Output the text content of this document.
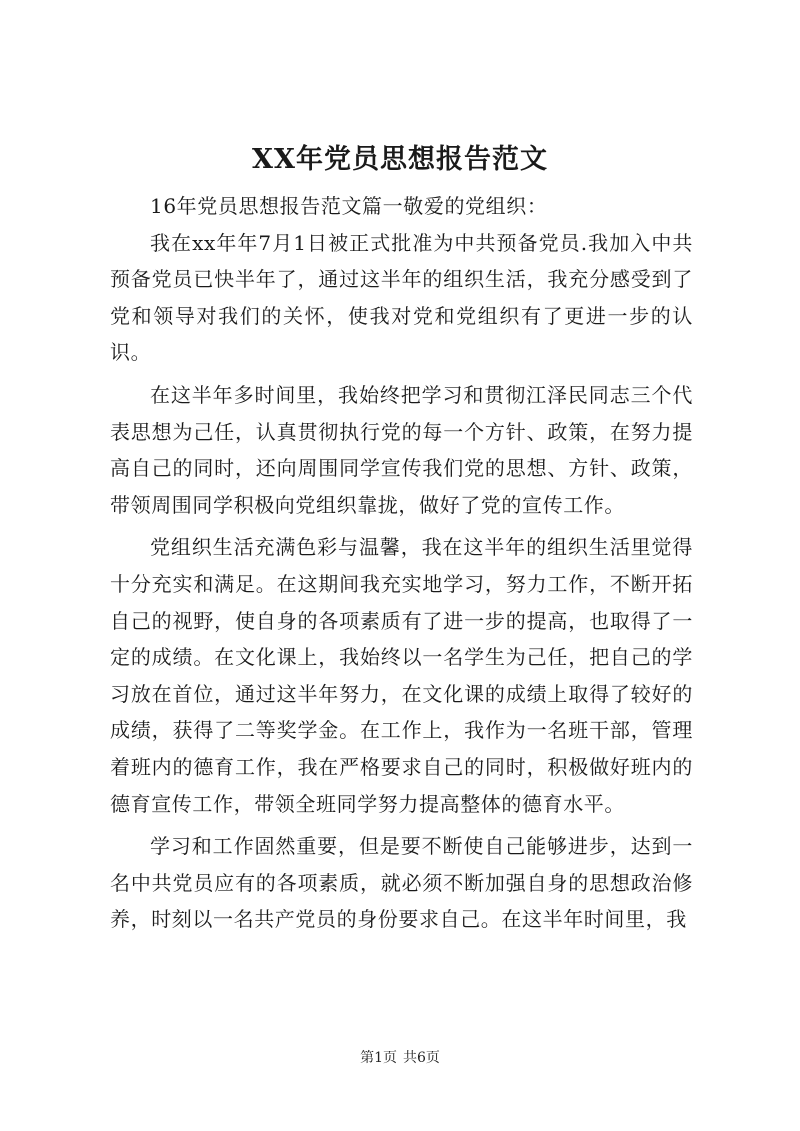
XX年党员思想报告范文

16年党员思想报告范文篇一敬爱的党组织：

我在xx年年7月1日被正式批准为中共预备党员.我加入中共预备党员已快半年了，通过这半年的组织生活，我充分感受到了党和领导对我们的关怀，使我对党和党组织有了更进一步的认识。

在这半年多时间里，我始终把学习和贯彻江泽民同志三个代表思想为己任，认真贯彻执行党的每一个方针、政策，在努力提高自己的同时，还向周围同学宣传我们党的思想、方针、政策，带领周围同学积极向党组织靠拢，做好了党的宣传工作。

党组织生活充满色彩与温馨，我在这半年的组织生活里觉得十分充实和满足。在这期间我充实地学习，努力工作，不断开拓自己的视野，使自身的各项素质有了进一步的提高，也取得了一定的成绩。在文化课上，我始终以一名学生为己任，把自己的学习放在首位，通过这半年努力，在文化课的成绩上取得了较好的成绩，获得了二等奖学金。在工作上，我作为一名班干部，管理着班内的德育工作，我在严格要求自己的同时，积极做好班内的德育宣传工作，带领全班同学努力提高整体的德育水平。

学习和工作固然重要，但是要不断使自己能够进步，达到一名中共党员应有的各项素质，就必须不断加强自身的思想政治修养，时刻以一名共产党员的身份要求自己。在这半年时间里，我

第1页 共6页
